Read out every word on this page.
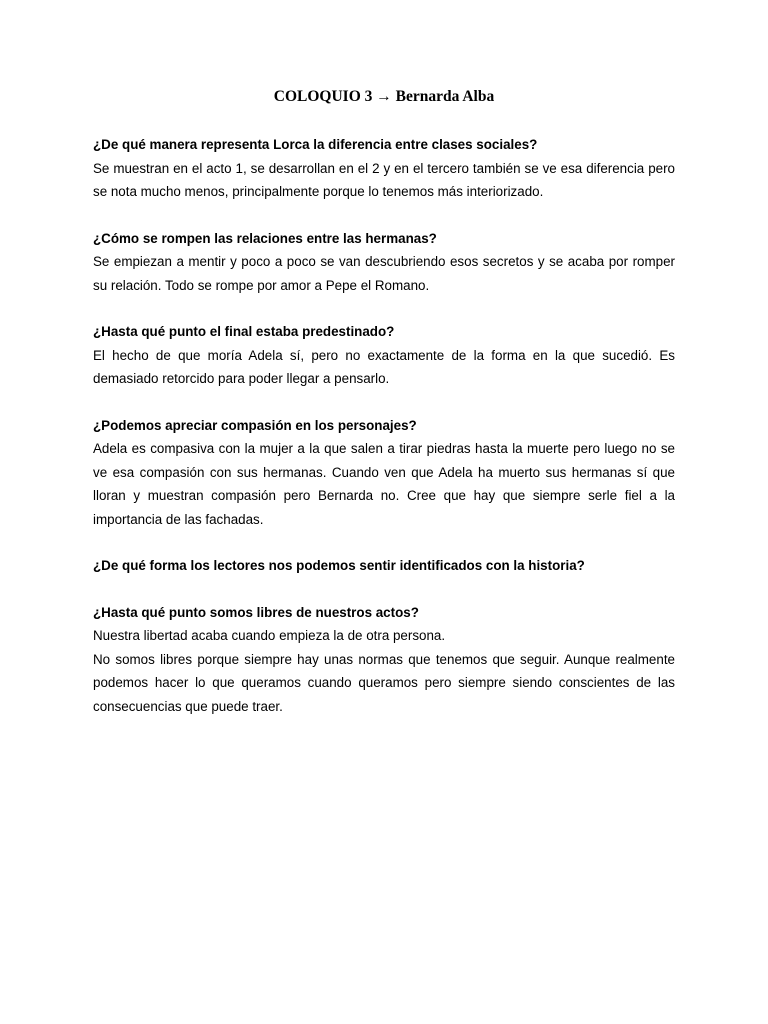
COLOQUIO 3 → Bernarda Alba

¿De qué manera representa Lorca la diferencia entre clases sociales?

Se muestran en el acto 1, se desarrollan en el 2 y en el tercero también se ve esa diferencia pero se nota mucho menos, principalmente porque lo tenemos más interiorizado.

¿Cómo se rompen las relaciones entre las hermanas?

Se empiezan a mentir y poco a poco se van descubriendo esos secretos y se acaba por romper su relación. Todo se rompe por amor a Pepe el Romano.

¿Hasta qué punto el final estaba predestinado?

El hecho de que moría Adela sí, pero no exactamente de la forma en la que sucedió. Es demasiado retorcido para poder llegar a pensarlo.

¿Podemos apreciar compasión en los personajes?

Adela es compasiva con la mujer a la que salen a tirar piedras hasta la muerte pero luego no se ve esa compasión con sus hermanas. Cuando ven que Adela ha muerto sus hermanas sí que lloran y muestran compasión pero Bernarda no. Cree que hay que siempre serle fiel a la importancia de las fachadas.

¿De qué forma los lectores nos podemos sentir identificados con la historia?

¿Hasta qué punto somos libres de nuestros actos?

Nuestra libertad acaba cuando empieza la de otra persona.

No somos libres porque siempre hay unas normas que tenemos que seguir. Aunque realmente podemos hacer lo que queramos cuando queramos pero siempre siendo conscientes de las consecuencias que puede traer.
